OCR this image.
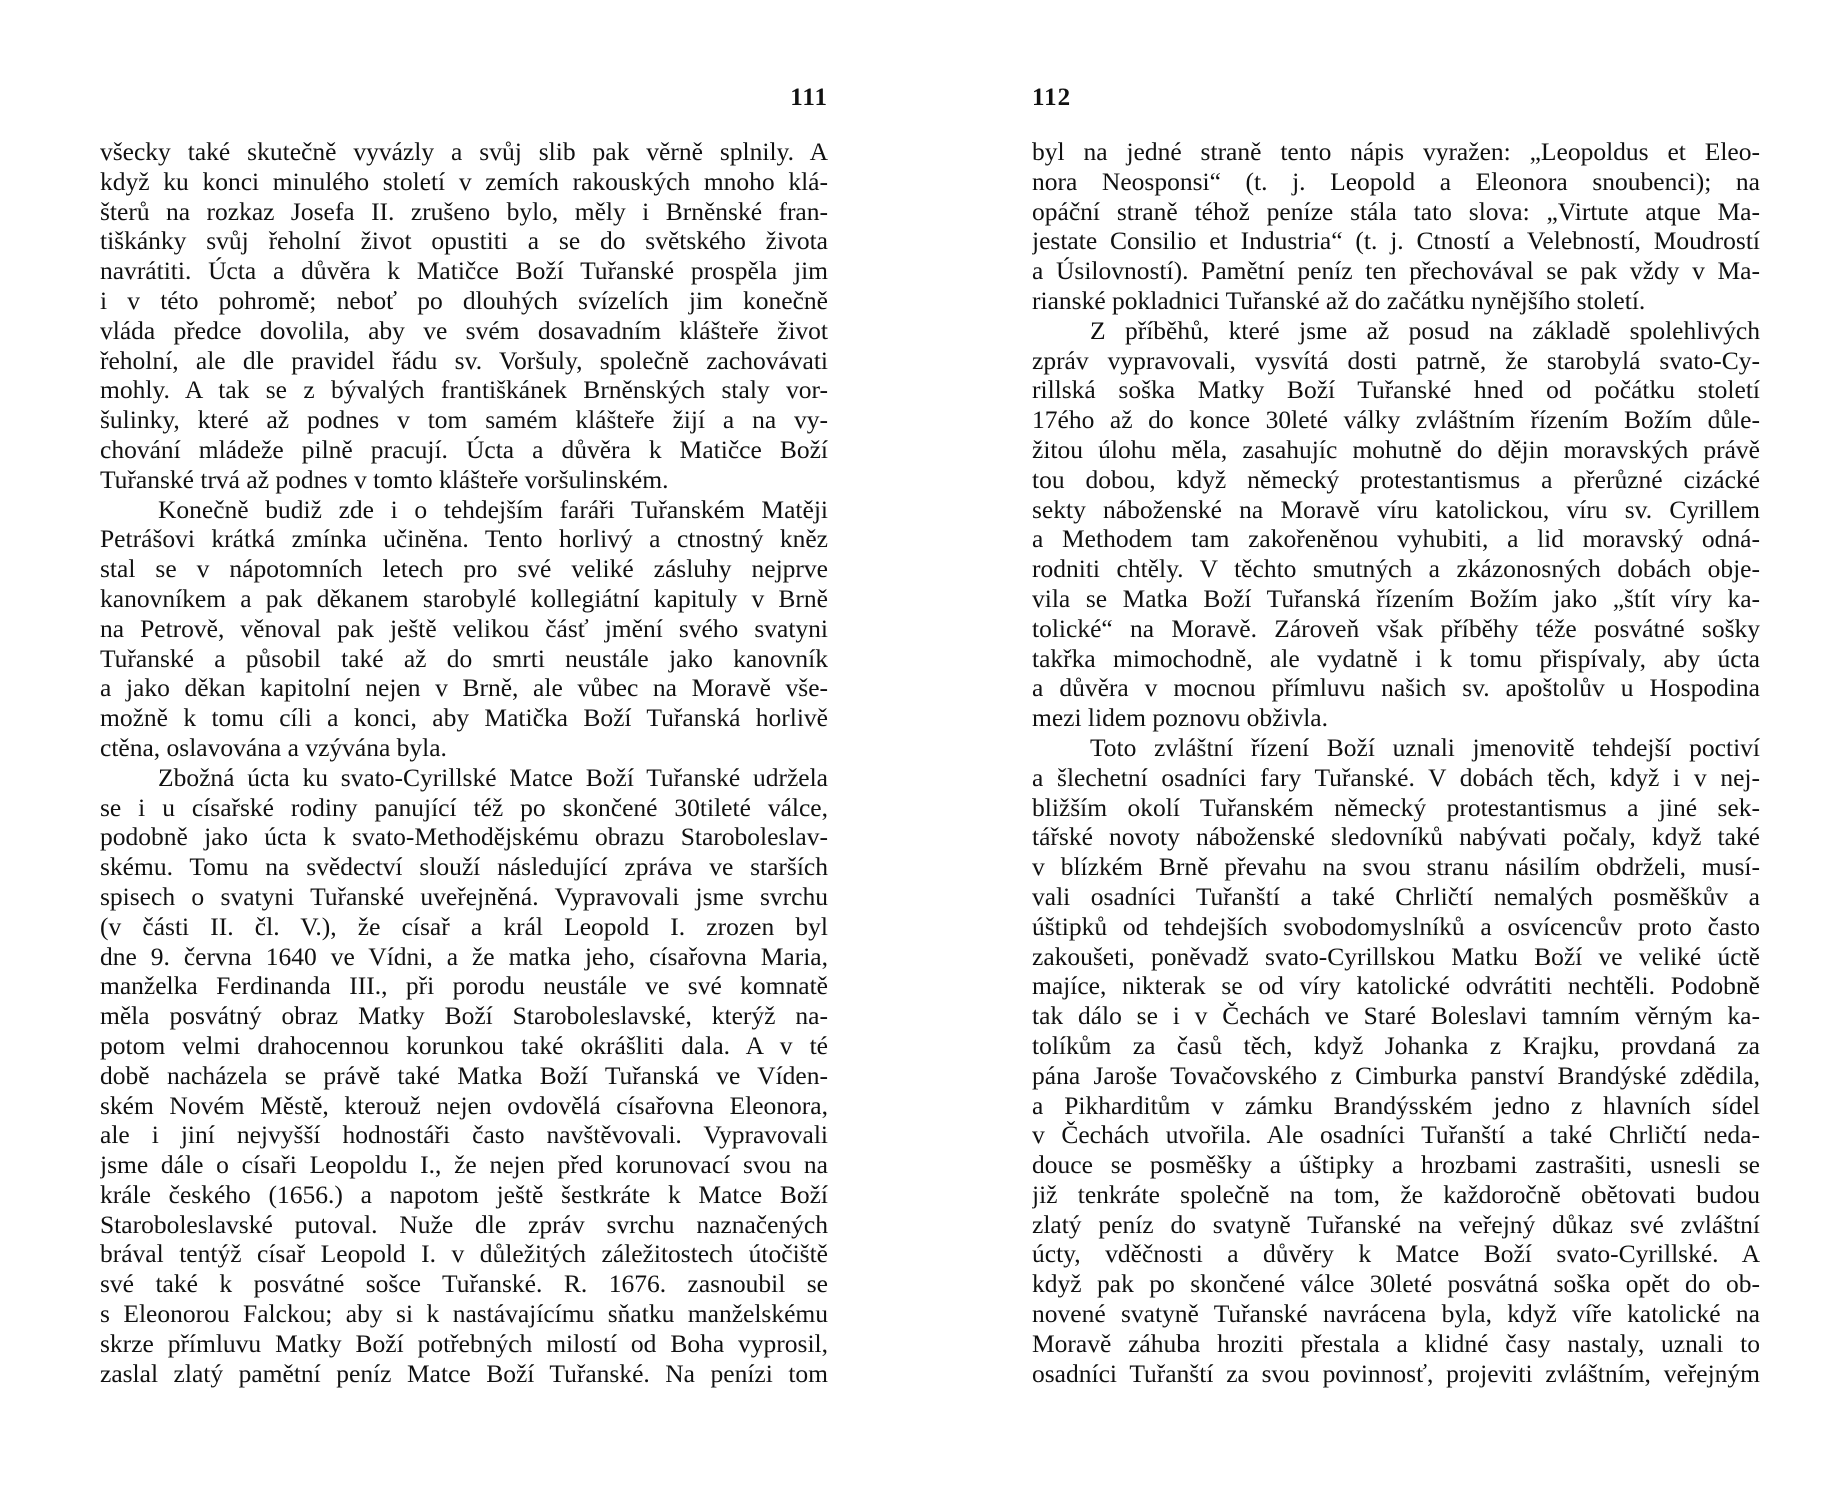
111
všecky také skutečně vyvázly a svůj slib pak věrně splnily. A
když ku konci minulého století v zemích rakouských mnoho klá-
šterů na rozkaz Josefa II. zrušeno bylo, měly i Brněnské fran-
tiškánky svůj řeholní život opustiti a se do světského života
navrátiti. Úcta a důvěra k Matičce Boží Tuřanské prospěla jim
i v této pohromě; neboť po dlouhých svízelích jim konečně
vláda předce dovolila, aby ve svém dosavadním klášteře život
řeholní, ale dle pravidel řádu sv. Voršuly, společně zachovávati
mohly. A tak se z bývalých františkánek Brněnských staly vor-
šulinky, které až podnes v tom samém klášteře žijí a na vy-
chování mládeže pilně pracují. Úcta a důvěra k Matičce Boží
Tuřanské trvá až podnes v tomto klášteře voršulinském.
Konečně budiž zde i o tehdejším faráři Tuřanském Matěji
Petrášovi krátká zmínka učiněna. Tento horlivý a ctnostný kněz
stal se v nápotomních letech pro své veliké zásluhy nejprve
kanovníkem a pak děkanem starobylé kollegiátní kapituly v Brně
na Petrově, věnoval pak ještě velikou čásť jmění svého svatyni
Tuřanské a působil také až do smrti neustále jako kanovník
a jako děkan kapitolní nejen v Brně, ale vůbec na Moravě vše-
možně k tomu cíli a konci, aby Matička Boží Tuřanská horlivě
ctěna, oslavována a vzývána byla.
Zbožná úcta ku svato-Cyrillské Matce Boží Tuřanské udržela
se i u císařské rodiny panující též po skončené 30tileté válce,
podobně jako úcta k svato-Methodějskému obrazu Staroboleslav-
skému. Tomu na svědectví slouží následující zpráva ve starších
spisech o svatyni Tuřanské uveřejněná. Vypravovali jsme svrchu
(v části II. čl. V.), že císař a král Leopold I. zrozen byl
dne 9. června 1640 ve Vídni, a že matka jeho, císařovna Maria,
manželka Ferdinanda III., při porodu neustále ve své komnatě
měla posvátný obraz Matky Boží Staroboleslavské, kterýž na-
potom velmi drahocennou korunkou také okrášliti dala. A v té
době nacházela se právě také Matka Boží Tuřanská ve Víden-
ském Novém Městě, kterouž nejen ovdovělá císařovna Eleonora,
ale i jiní nejvyšší hodnostáři často navštěvovali. Vypravovali
jsme dále o císaři Leopoldu I., že nejen před korunovací svou na
krále českého (1656.) a napotom ještě šestkráte k Matce Boží
Staroboleslavské putoval. Nuže dle zpráv svrchu naznačených
brával tentýž císař Leopold I. v důležitých záležitostech útočiště
své také k posvátné sošce Tuřanské. R. 1676. zasnoubil se
s Eleonorou Falckou; aby si k nastávajícímu sňatku manželskému
skrze přímluvu Matky Boží potřebných milostí od Boha vyprosil,
zaslal zlatý pamětní peníz Matce Boží Tuřanské. Na penízi tom
112
byl na jedné straně tento nápis vyražen: „Leopoldus et Eleo-
nora Neosponsi“ (t. j. Leopold a Eleonora snoubenci); na
opáční straně téhož peníze stála tato slova: „Virtute atque Ma-
jestate Consilio et Industria“ (t. j. Ctností a Velebností, Moudrostí
a Úsilovností). Pamětní peníz ten přechovával se pak vždy v Ma-
rianské pokladnici Tuřanské až do začátku nynějšího století.
Z příběhů, které jsme až posud na základě spolehlivých
zpráv vypravovali, vysvítá dosti patrně, že starobylá svato-Cy-
rillská soška Matky Boží Tuřanské hned od počátku století
17ého až do konce 30leté války zvláštním řízením Božím důle-
žitou úlohu měla, zasahujíc mohutně do dějin moravských právě
tou dobou, když německý protestantismus a přerůzné cizácké
sekty náboženské na Moravě víru katolickou, víru sv. Cyrillem
a Methodem tam zakořeněnou vyhubiti, a lid moravský odná-
rodniti chtěly. V těchto smutných a zkázonosných dobách obje-
vila se Matka Boží Tuřanská řízením Božím jako „štít víry ka-
tolické“ na Moravě. Zároveň však příběhy téže posvátné sošky
takřka mimochodně, ale vydatně i k tomu přispívaly, aby úcta
a důvěra v mocnou přímluvu našich sv. apoštolův u Hospodina
mezi lidem poznovu obživla.
Toto zvláštní řízení Boží uznali jmenovitě tehdejší poctiví
a šlechetní osadníci fary Tuřanské. V dobách těch, když i v nej-
bližším okolí Tuřanském německý protestantismus a jiné sek-
tářské novoty náboženské sledovníků nabývati počaly, když také
v blízkém Brně převahu na svou stranu násilím obdrželi, musí-
vali osadníci Tuřanští a také Chrličtí nemalých posměškův a
úštipků od tehdejších svobodomyslníků a osvícencův proto často
zakoušeti, poněvadž svato-Cyrillskou Matku Boží ve veliké úctě
majíce, nikterak se od víry katolické odvrátiti nechtěli. Podobně
tak dálo se i v Čechách ve Staré Boleslavi tamním věrným ka-
tolíkům za časů těch, když Johanka z Krajku, provdaná za
pána Jaroše Tovačovského z Cimburka panství Brandýské zdědila,
a Pikharditům v zámku Brandýsském jedno z hlavních sídel
v Čechách utvořila. Ale osadníci Tuřanští a také Chrličtí neda-
douce se posměšky a úštipky a hrozbami zastrašiti, usnesli se
již tenkráte společně na tom, že každoročně obětovati budou
zlatý peníz do svatyně Tuřanské na veřejný důkaz své zvláštní
úcty, vděčnosti a důvěry k Matce Boží svato-Cyrillské. A
když pak po skončené válce 30leté posvátná soška opět do ob-
novené svatyně Tuřanské navrácena byla, když víře katolické na
Moravě záhuba hroziti přestala a klidné časy nastaly, uznali to
osadníci Tuřanští za svou povinnosť, projeviti zvláštním, veřejným
